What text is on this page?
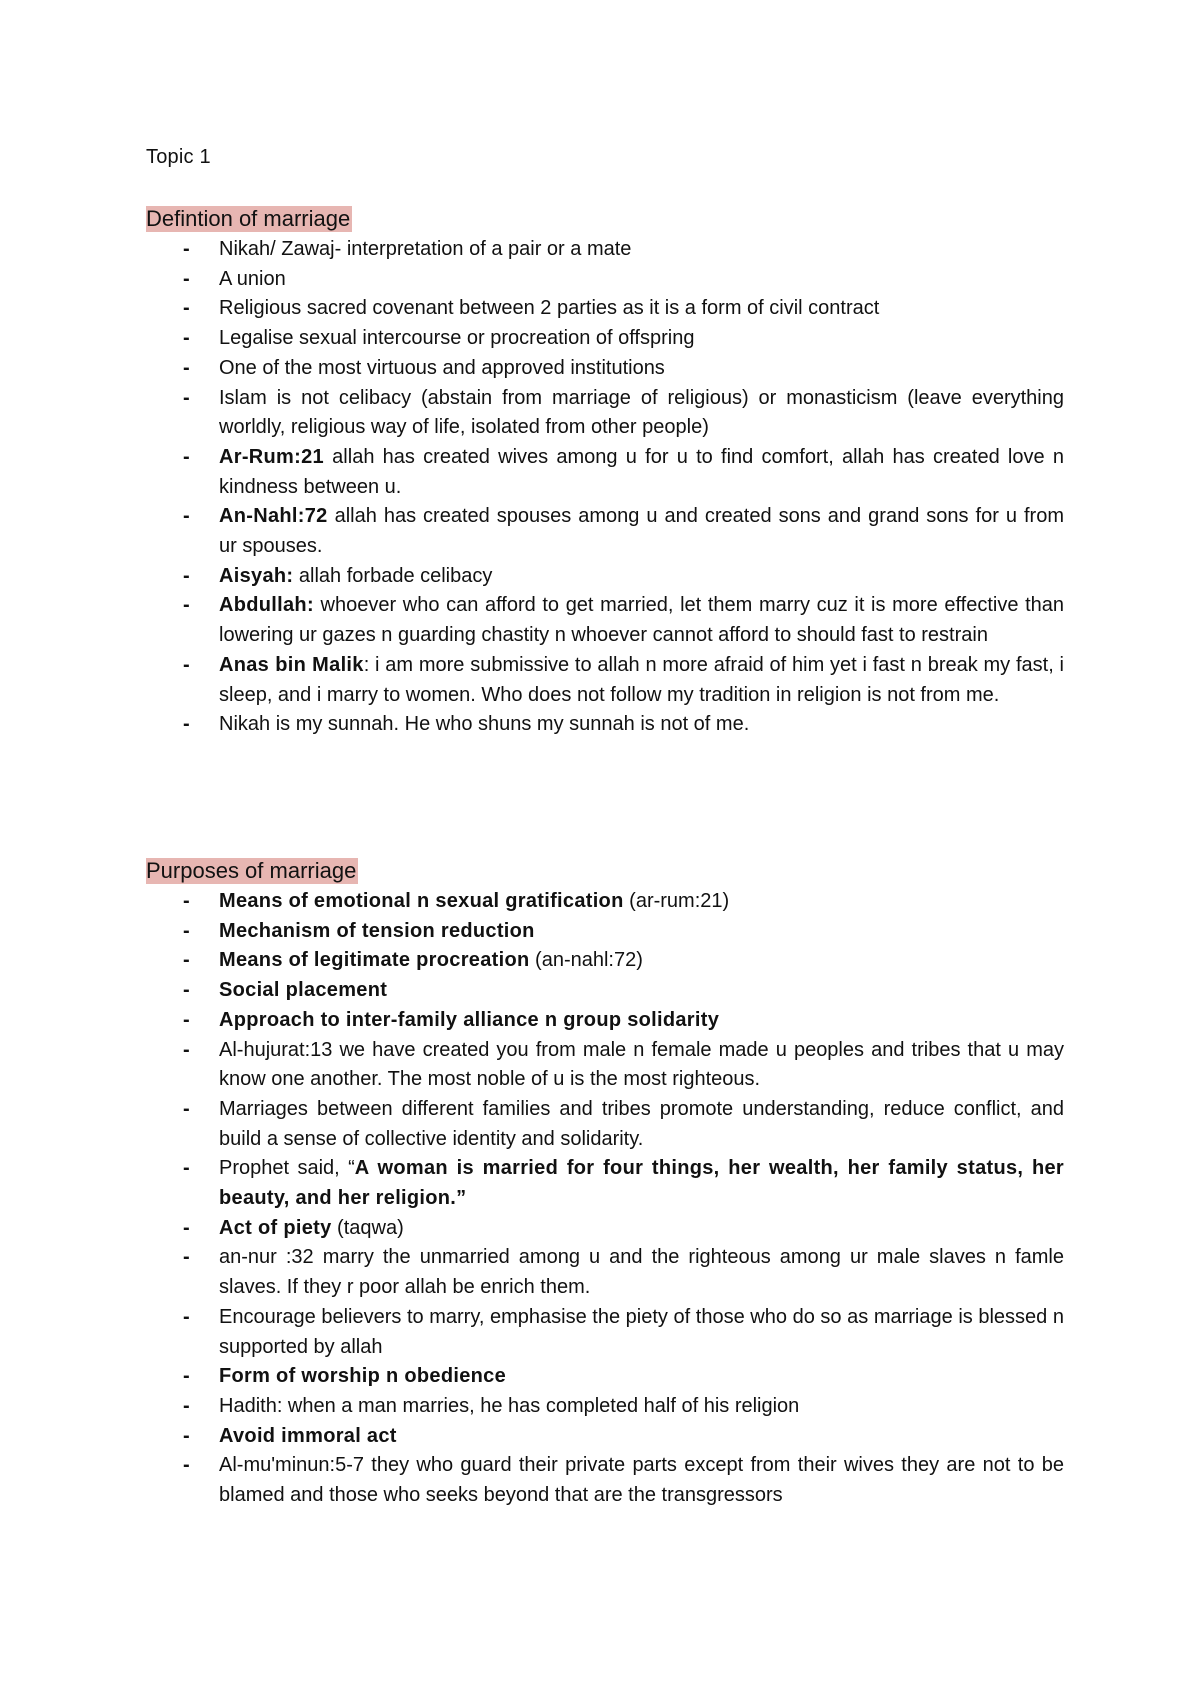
Topic 1
Defintion of marriage
- Nikah/ Zawaj- interpretation of a pair or a mate
- A union
- Religious sacred covenant between 2 parties as it is a form of civil contract
- Legalise sexual intercourse or procreation of offspring
- One of the most virtuous and approved institutions
- Islam is not celibacy (abstain from marriage of religious) or monasticism (leave everything worldly, religious way of life, isolated from other people)
- Ar-Rum:21 allah has created wives among u for u to find comfort, allah has created love n kindness between u.
- An-Nahl:72 allah has created spouses among u and created sons and grand sons for u from ur spouses.
- Aisyah: allah forbade celibacy
- Abdullah: whoever who can afford to get married, let them marry cuz it is more effective than lowering ur gazes n guarding chastity n whoever cannot afford to should fast to restrain
- Anas bin Malik: i am more submissive to allah n more afraid of him yet i fast n break my fast, i sleep, and i marry to women. Who does not follow my tradition in religion is not from me.
- Nikah is my sunnah. He who shuns my sunnah is not of me.
Purposes of marriage
- Means of emotional n sexual gratification (ar-rum:21)
- Mechanism of tension reduction
- Means of legitimate procreation (an-nahl:72)
- Social placement
- Approach to inter-family alliance n group solidarity
- Al-hujurat:13 we have created you from male n female made u peoples and tribes that u may know one another. The most noble of u is the most righteous.
- Marriages between different families and tribes promote understanding, reduce conflict, and build a sense of collective identity and solidarity.
- Prophet said, “A woman is married for four things, her wealth, her family status, her beauty, and her religion.”
- Act of piety (taqwa)
- an-nur :32 marry the unmarried among u and the righteous among ur male slaves n famle slaves. If they r poor allah be enrich them.
- Encourage believers to marry, emphasise the piety of those who do so as marriage is blessed n supported by allah
- Form of worship n obedience
- Hadith: when a man marries, he has completed half of his religion
- Avoid immoral act
- Al-mu'minun:5-7 they who guard their private parts except from their wives they are not to be blamed and those who seeks beyond that are the transgressors
